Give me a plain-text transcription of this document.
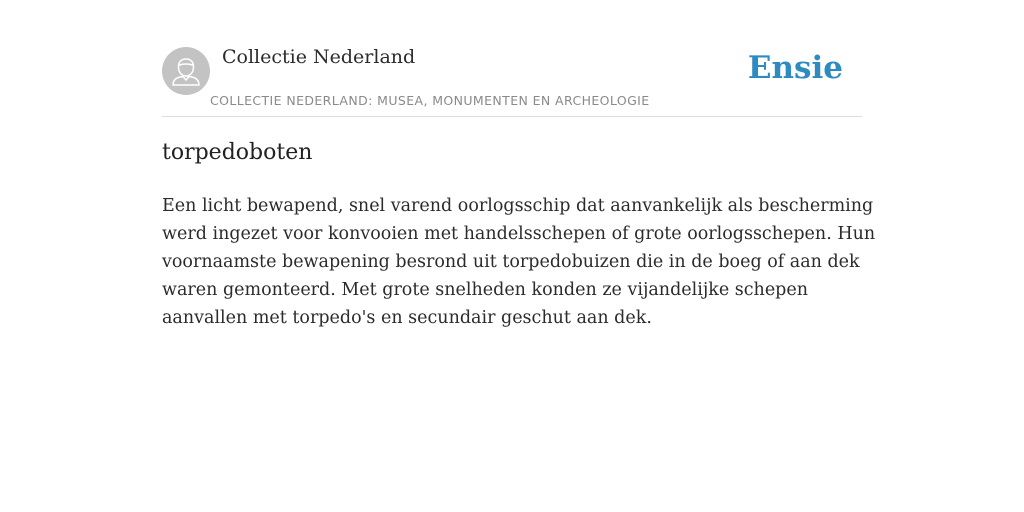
Collectie Nederland
COLLECTIE NEDERLAND: MUSEA, MONUMENTEN EN ARCHEOLOGIE
Ensie
torpedoboten

Een licht bewapend, snel varend oorlogsschip dat aanvankelijk als bescherming
werd ingezet voor konvooien met handelsschepen of grote oorlogsschepen. Hun
voornaamste bewapening besrond uit torpedobuizen die in de boeg of aan dek
waren gemonteerd. Met grote snelheden konden ze vijandelijke schepen
aanvallen met torpedo's en secundair geschut aan dek.
